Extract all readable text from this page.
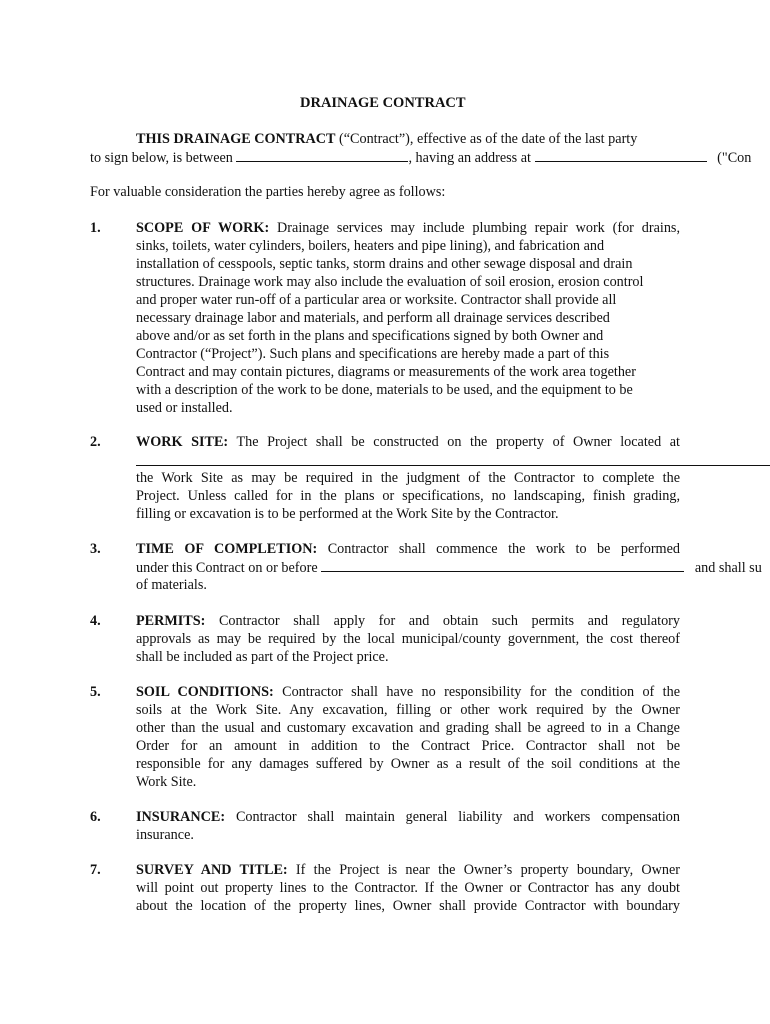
DRAINAGE CONTRACT
THIS DRAINAGE CONTRACT (“Contract”), effective as of the date of the last party
to sign below, is between	, having an address at	("Con
For valuable consideration the parties hereby agree as follows:
1. SCOPE OF WORK: Drainage services may include plumbing repair work (for drains,
sinks, toilets, water cylinders, boilers, heaters and pipe lining), and fabrication and
installation of cesspools, septic tanks, storm drains and other sewage disposal and drain
structures. Drainage work may also include the evaluation of soil erosion, erosion control
and proper water run-off of a particular area or worksite. Contractor shall provide all
necessary drainage labor and materials, and perform all drainage services described
above and/or as set forth in the plans and specifications signed by both Owner and
Contractor (“Project”). Such plans and specifications are hereby made a part of this
Contract and may contain pictures, diagrams or measurements of the work area together
with a description of the work to be done, materials to be used, and the equipment to be
used or installed.
2. WORK SITE: The Project shall be constructed on the property of Owner located at
the Work Site as may be required in the judgment of the Contractor to complete the
Project. Unless called for in the plans or specifications, no landscaping, finish grading,
filling or excavation is to be performed at the Work Site by the Contractor.
3. TIME OF COMPLETION: Contractor shall commence the work to be performed
under this Contract on or before	and shall su
of materials.
4. PERMITS: Contractor shall apply for and obtain such permits and regulatory
approvals as may be required by the local municipal/county government, the cost thereof
shall be included as part of the Project price.
5. SOIL CONDITIONS: Contractor shall have no responsibility for the condition of the
soils at the Work Site. Any excavation, filling or other work required by the Owner
other than the usual and customary excavation and grading shall be agreed to in a Change
Order for an amount in addition to the Contract Price. Contractor shall not be
responsible for any damages suffered by Owner as a result of the soil conditions at the
Work Site.
6. INSURANCE: Contractor shall maintain general liability and workers compensation
insurance.
7. SURVEY AND TITLE: If the Project is near the Owner’s property boundary, Owner
will point out property lines to the Contractor. If the Owner or Contractor has any doubt
about the location of the property lines, Owner shall provide Contractor with boundary
